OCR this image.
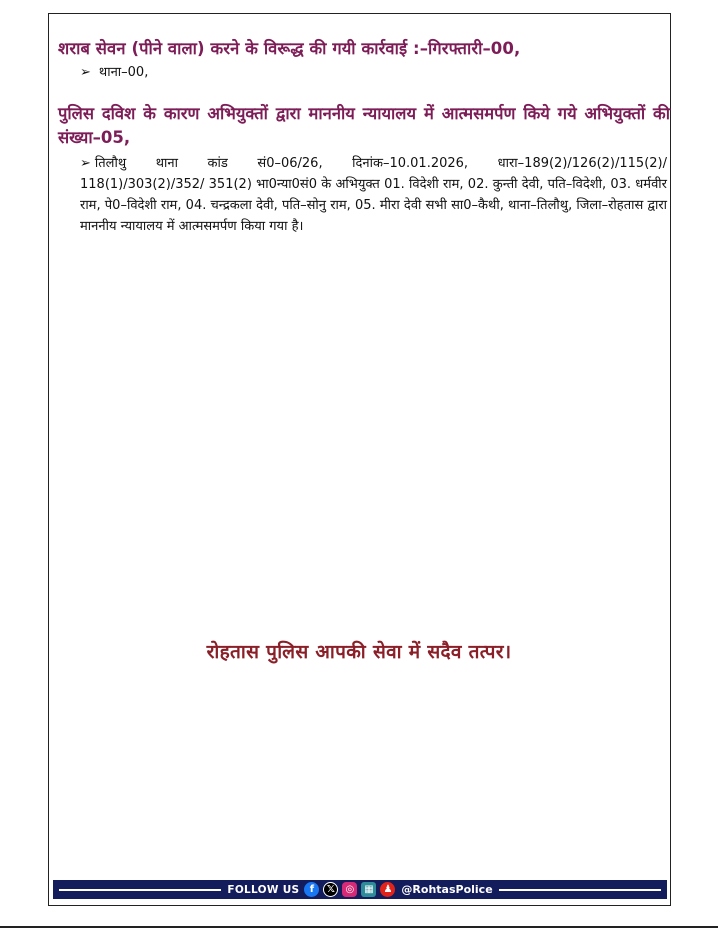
शराब सेवन (पीने वाला) करने के विरूद्ध की गयी कार्रवाई :–गिरफ्तारी–00,
➢ थाना–00,
पुलिस दविश के कारण अभियुक्तों द्वारा माननीय न्यायालय में आत्मसमर्पण किये गये अभियुक्तों की संख्या–05,
➢ तिलौथु थाना कांड सं0–06/26, दिनांक–10.01.2026, धारा–189(2)/126(2)/115(2)/ 118(1)/303(2)/352/ 351(2) भा0न्या0सं0 के अभियुक्त 01. विदेशी राम, 02. कुन्ती देवी, पति–विदेशी, 03. धर्मवीर राम, पे0–विदेशी राम, 04. चन्द्रकला देवी, पति–सोनु राम, 05. मीरा देवी सभी सा0–कैथी, थाना–तिलौथु, जिला–रोहतास द्वारा माननीय न्यायालय में आत्मसमर्पण किया गया है।
रोहतास पुलिस आपकी सेवा में सदैव तत्पर।
FOLLOW US	f	𝕏	◎ ▦ ♟ @RohtasPolice
